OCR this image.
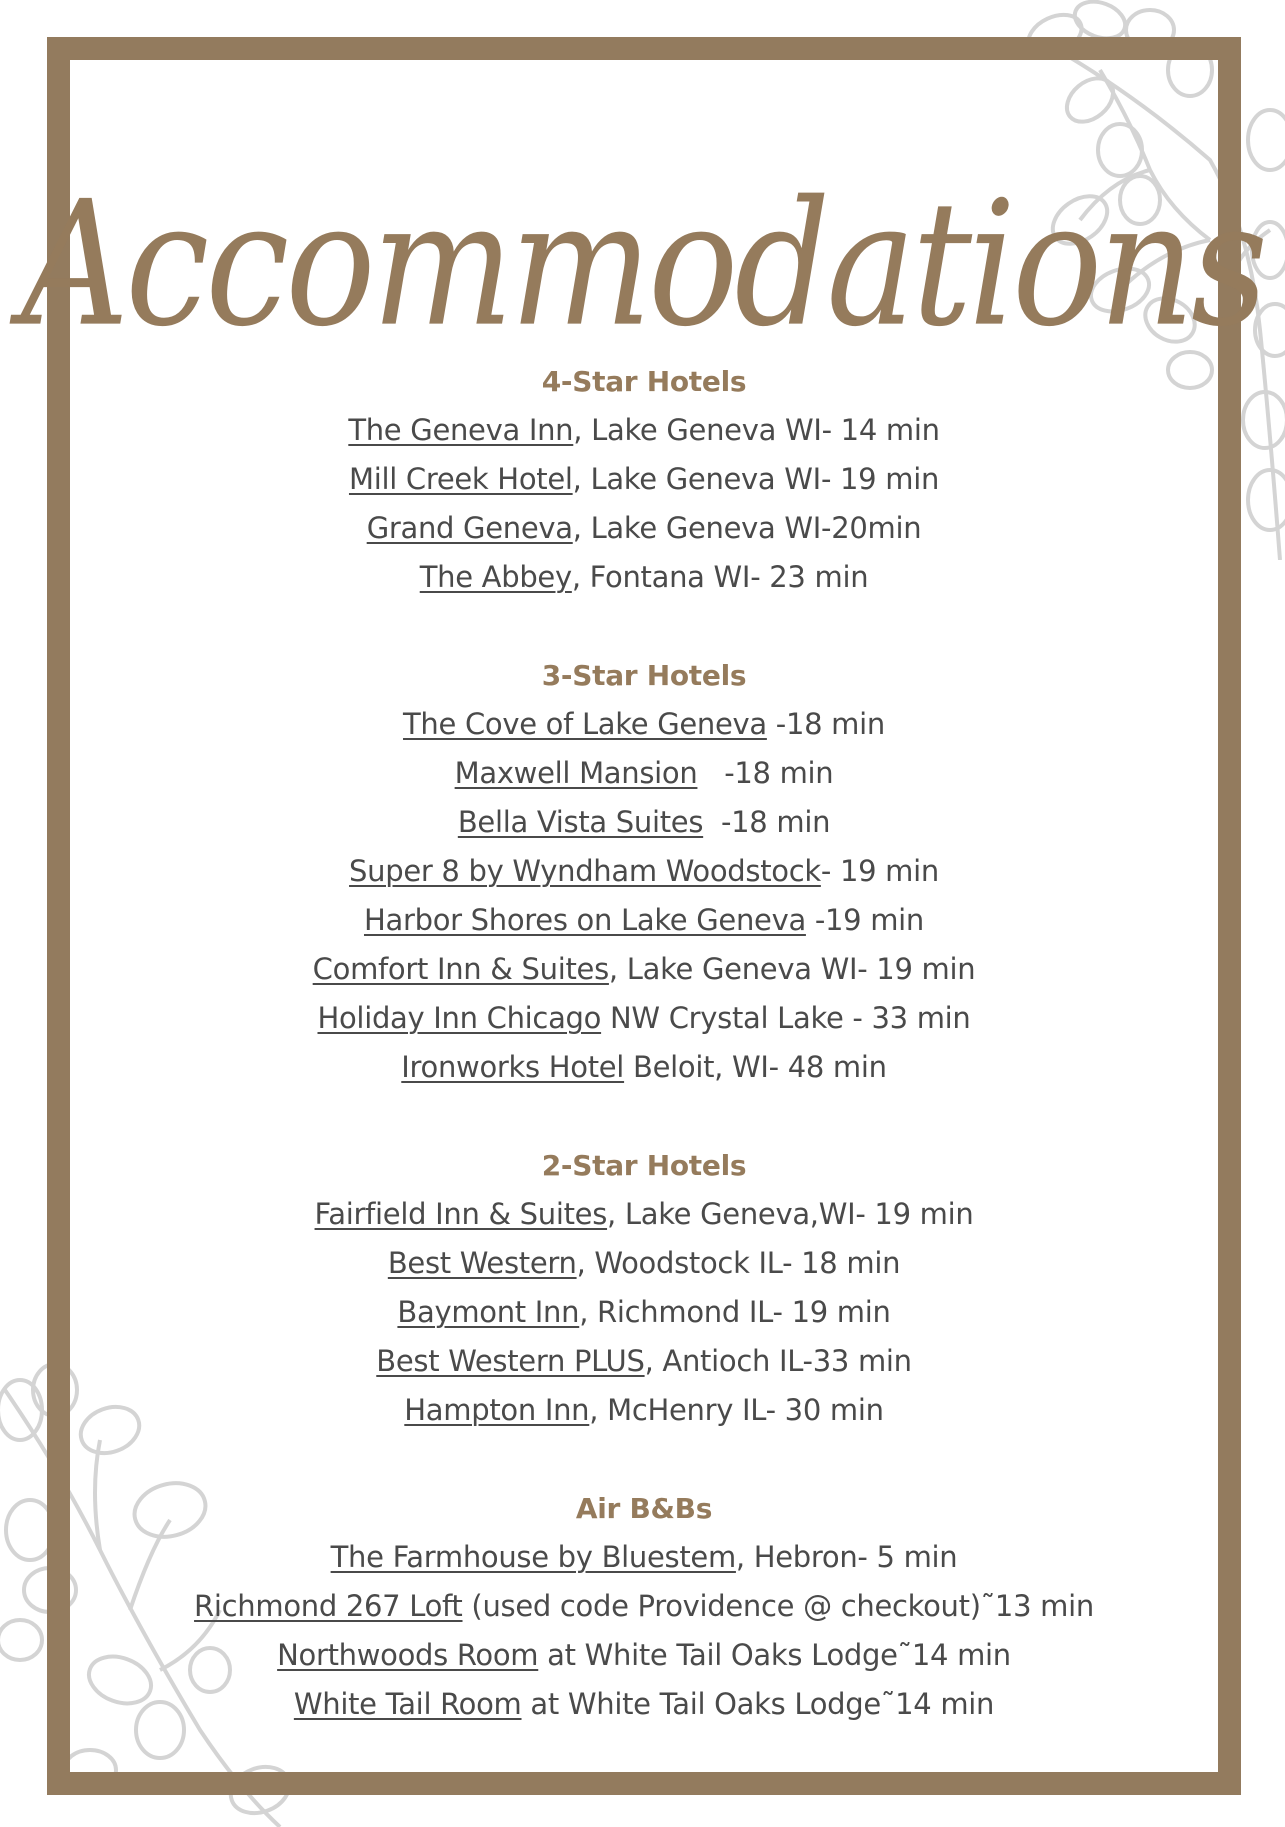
Accommodations
4-Star Hotels
The Geneva Inn, Lake Geneva WI- 14 min
Mill Creek Hotel, Lake Geneva WI- 19 min
Grand Geneva, Lake Geneva WI-20min
The Abbey, Fontana WI- 23 min
3-Star Hotels
The Cove of Lake Geneva -18 min
Maxwell Mansion   -18 min
Bella Vista Suites  -18 min
Super 8 by Wyndham Woodstock- 19 min
Harbor Shores on Lake Geneva -19 min
Comfort Inn & Suites, Lake Geneva WI- 19 min
Holiday Inn Chicago NW Crystal Lake - 33 min
Ironworks Hotel Beloit, WI- 48 min
2-Star Hotels
Fairfield Inn & Suites, Lake Geneva,WI- 19 min
Best Western, Woodstock IL- 18 min
Baymont Inn, Richmond IL- 19 min
Best Western PLUS, Antioch IL-33 min
Hampton Inn, McHenry IL- 30 min
Air B&Bs
The Farmhouse by Bluestem, Hebron- 5 min
Richmond 267 Loft (used code Providence @ checkout)˜13 min
Northwoods Room at White Tail Oaks Lodge˜14 min
White Tail Room at White Tail Oaks Lodge˜14 min
